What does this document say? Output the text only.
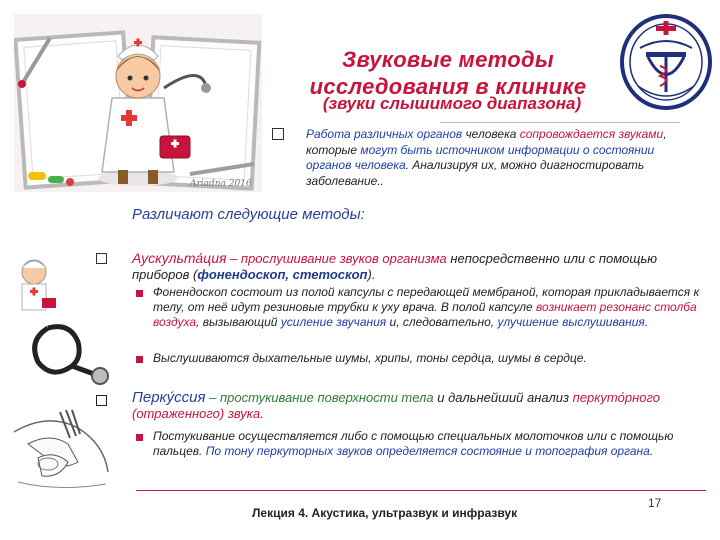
Ariadna 2016
Звуковые методы
исследования в клинике
(звуки слышимого диапазона)
Работа различных органов человека сопровождается звуками, которые могут быть источником информации о состоянии органов человека. Анализируя их, можно диагностировать заболевание..
Различают следующие методы:
Аускульта́ция – прослушивание звуков организма непосредственно или с помощью приборов (фонендоскоп, стетоскоп).
Фонендоскоп состоит из полой капсулы с передающей мембраной, которая прикладывается к телу, от неё идут резиновые трубки к уху врача. В полой капсуле возникает резонанс столба воздуха, вызывающий усиление звучания и, следовательно, улучшение выслушивания.
Выслушиваются дыхательные шумы, хрипы, тоны сердца, шумы в сердце.
Перку́ссия – простукивание поверхности тела и дальнейший анализ перкуто́рного
(отраженного) звука.
Постукивание осуществляется либо с помощью специальных молоточков или с помощью пальцев. По тону перкуторных звуков определяется состояние и топография органа.
Лекция 4. Акустика, ультразвук и инфразвук
17
